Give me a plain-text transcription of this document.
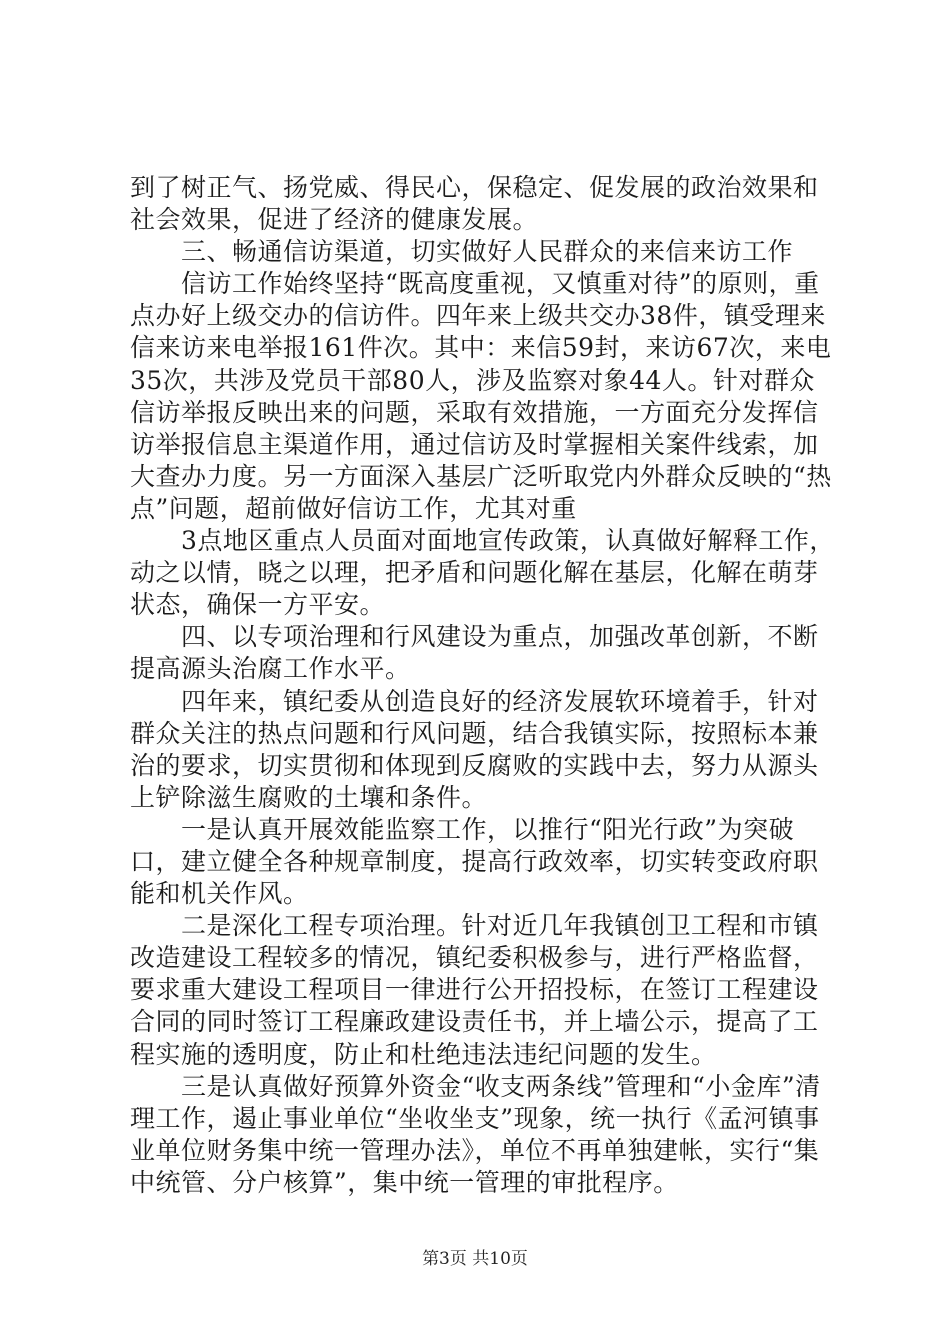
到了树正气、扬党威、得民心，保稳定、促发展的政治效果和社会效果，促进了经济的健康发展。

　　三、畅通信访渠道，切实做好人民群众的来信来访工作

　　信访工作始终坚持“既高度重视，又慎重对待”的原则，重点办好上级交办的信访件。四年来上级共交办38件，镇受理来信来访来电举报161件次。其中：来信59封，来访67次，来电35次，共涉及党员干部80人，涉及监察对象44人。针对群众信访举报反映出来的问题，采取有效措施，一方面充分发挥信访举报信息主渠道作用，通过信访及时掌握相关案件线索，加大查办力度。另一方面深入基层广泛听取党内外群众反映的“热点”问题，超前做好信访工作，尤其对重

　　3点地区重点人员面对面地宣传政策，认真做好解释工作，动之以情，晓之以理，把矛盾和问题化解在基层，化解在萌芽状态，确保一方平安。

　　四、以专项治理和行风建设为重点，加强改革创新，不断提高源头治腐工作水平。

　　四年来，镇纪委从创造良好的经济发展软环境着手，针对群众关注的热点问题和行风问题，结合我镇实际，按照标本兼治的要求，切实贯彻和体现到反腐败的实践中去，努力从源头上铲除滋生腐败的土壤和条件。

　　一是认真开展效能监察工作，以推行“阳光行政”为突破口，建立健全各种规章制度，提高行政效率，切实转变政府职能和机关作风。

　　二是深化工程专项治理。针对近几年我镇创卫工程和市镇改造建设工程较多的情况，镇纪委积极参与，进行严格监督，要求重大建设工程项目一律进行公开招投标，在签订工程建设合同的同时签订工程廉政建设责任书，并上墙公示，提高了工程实施的透明度，防止和杜绝违法违纪问题的发生。

　　三是认真做好预算外资金“收支两条线”管理和“小金库”清理工作，遏止事业单位“坐收坐支”现象，统一执行《孟河镇事业单位财务集中统一管理办法》，单位不再单独建帐，实行“集中统管、分户核算”，集中统一管理的审批程序。

第3页 共10页
